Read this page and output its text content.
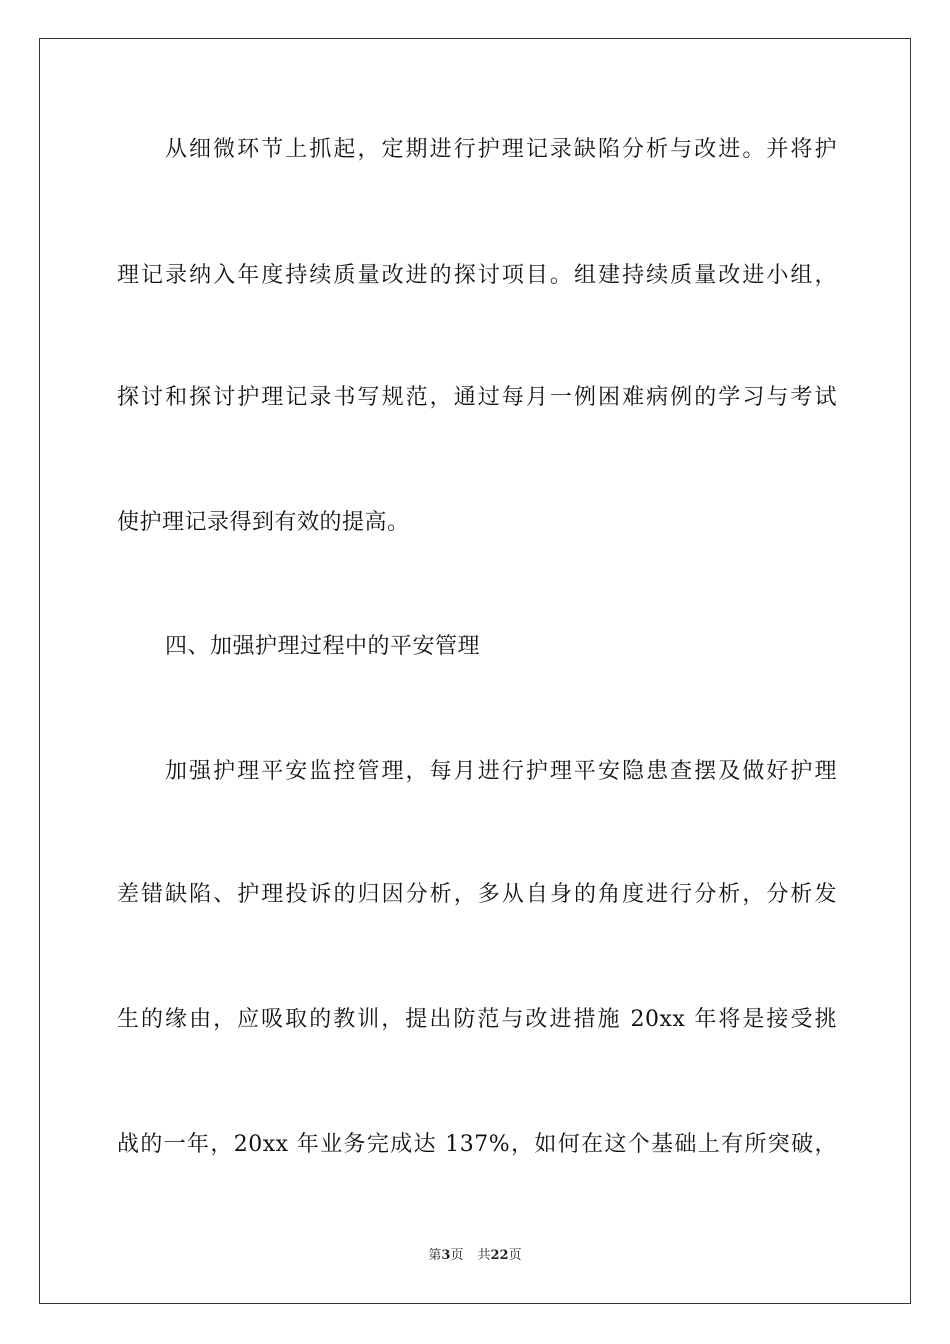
从细微环节上抓起，定期进行护理记录缺陷分析与改进。并将护
理记录纳入年度持续质量改进的探讨项目。组建持续质量改进小组，
探讨和探讨护理记录书写规范，通过每月一例困难病例的学习与考试
使护理记录得到有效的提高。
四、加强护理过程中的平安管理
加强护理平安监控管理，每月进行护理平安隐患查摆及做好护理
差错缺陷、护理投诉的归因分析，多从自身的角度进行分析，分析发
生的缘由，应吸取的教训，提出防范与改进措施 20xx 年将是接受挑
战的一年，20xx 年业务完成达 137%，如何在这个基础上有所突破，
第3页 共22页
